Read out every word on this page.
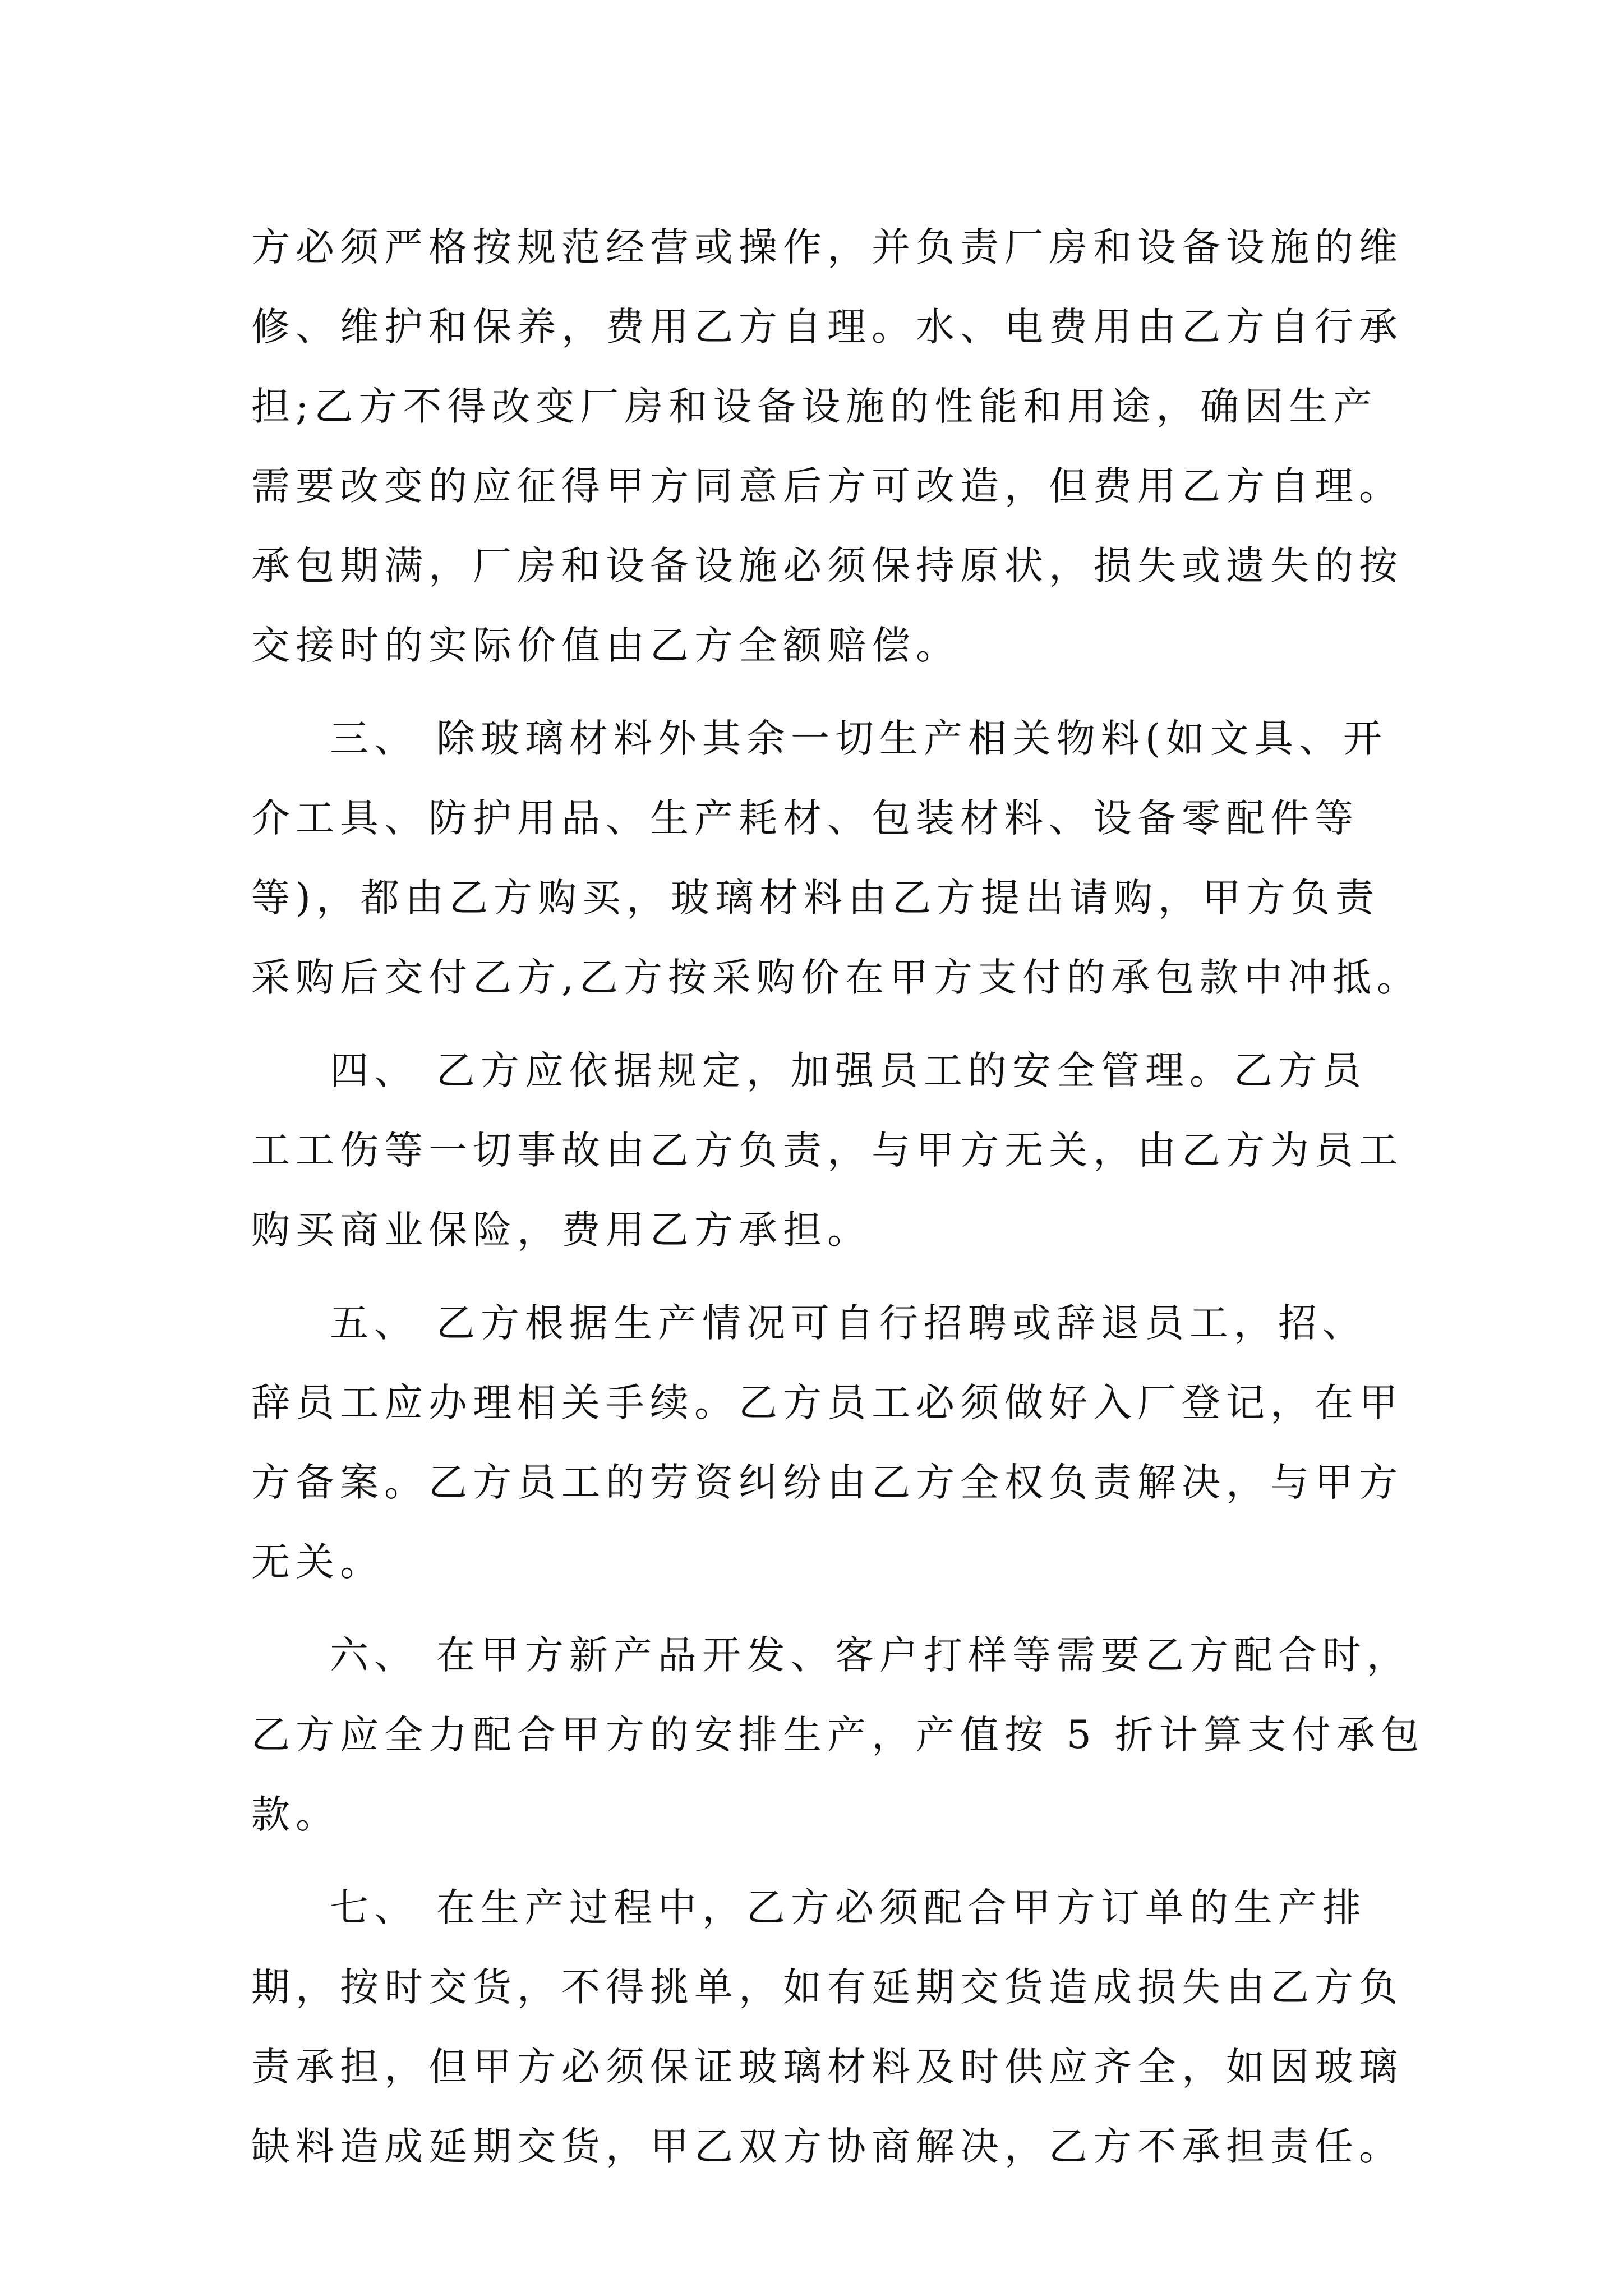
方必须严格按规范经营或操作，并负责厂房和设备设施的维
修、维护和保养，费用乙方自理。水、电费用由乙方自行承
担;乙方不得改变厂房和设备设施的性能和用途，确因生产
需要改变的应征得甲方同意后方可改造，但费用乙方自理。
承包期满，厂房和设备设施必须保持原状，损失或遗失的按
交接时的实际价值由乙方全额赔偿。
三、 除玻璃材料外其余一切生产相关物料(如文具、开
介工具、防护用品、生产耗材、包装材料、设备零配件等
等)，都由乙方购买，玻璃材料由乙方提出请购，甲方负责
采购后交付乙方,乙方按采购价在甲方支付的承包款中冲抵。
四、 乙方应依据规定，加强员工的安全管理。乙方员
工工伤等一切事故由乙方负责，与甲方无关，由乙方为员工
购买商业保险，费用乙方承担。
五、 乙方根据生产情况可自行招聘或辞退员工，招、
辞员工应办理相关手续。乙方员工必须做好入厂登记，在甲
方备案。乙方员工的劳资纠纷由乙方全权负责解决，与甲方
无关。
六、 在甲方新产品开发、客户打样等需要乙方配合时，
乙方应全力配合甲方的安排生产，产值按 5 折计算支付承包
款。
七、 在生产过程中，乙方必须配合甲方订单的生产排
期，按时交货，不得挑单，如有延期交货造成损失由乙方负
责承担，但甲方必须保证玻璃材料及时供应齐全，如因玻璃
缺料造成延期交货，甲乙双方协商解决，乙方不承担责任。
